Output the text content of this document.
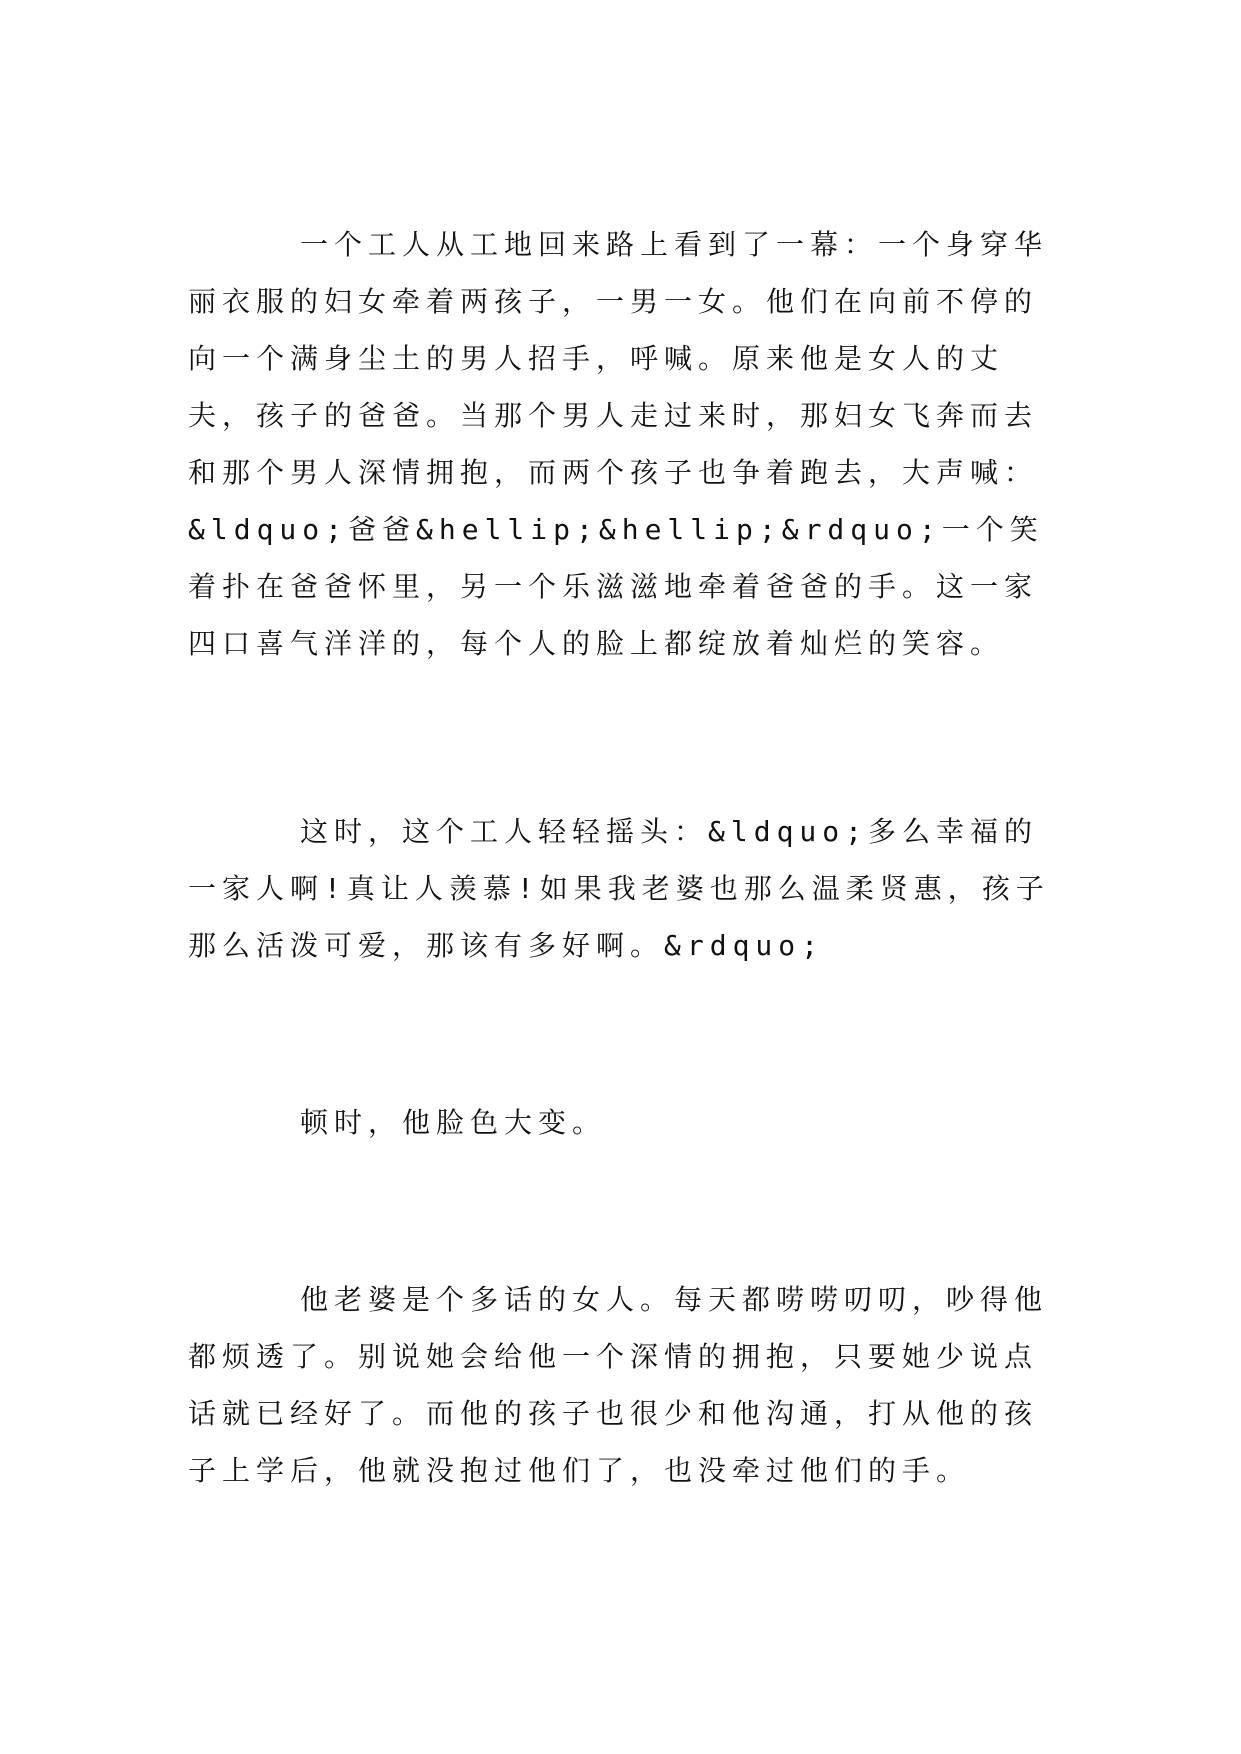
一个工人从工地回来路上看到了一幕：一个身穿华丽衣服的妇女牵着两孩子，一男一女。他们在向前不停的向一个满身尘土的男人招手，呼喊。原来他是女人的丈夫，孩子的爸爸。当那个男人走过来时，那妇女飞奔而去和那个男人深情拥抱，而两个孩子也争着跑去，大声喊：&ldquo;爸爸&hellip;&hellip;&rdquo;一个笑着扑在爸爸怀里，另一个乐滋滋地牵着爸爸的手。这一家四口喜气洋洋的，每个人的脸上都绽放着灿烂的笑容。

这时，这个工人轻轻摇头：&ldquo;多么幸福的一家人啊!真让人羡慕!如果我老婆也那么温柔贤惠，孩子那么活泼可爱，那该有多好啊。&rdquo;

顿时，他脸色大变。

他老婆是个多话的女人。每天都唠唠叨叨，吵得他都烦透了。别说她会给他一个深情的拥抱，只要她少说点话就已经好了。而他的孩子也很少和他沟通，打从他的孩子上学后，他就没抱过他们了，也没牵过他们的手。
